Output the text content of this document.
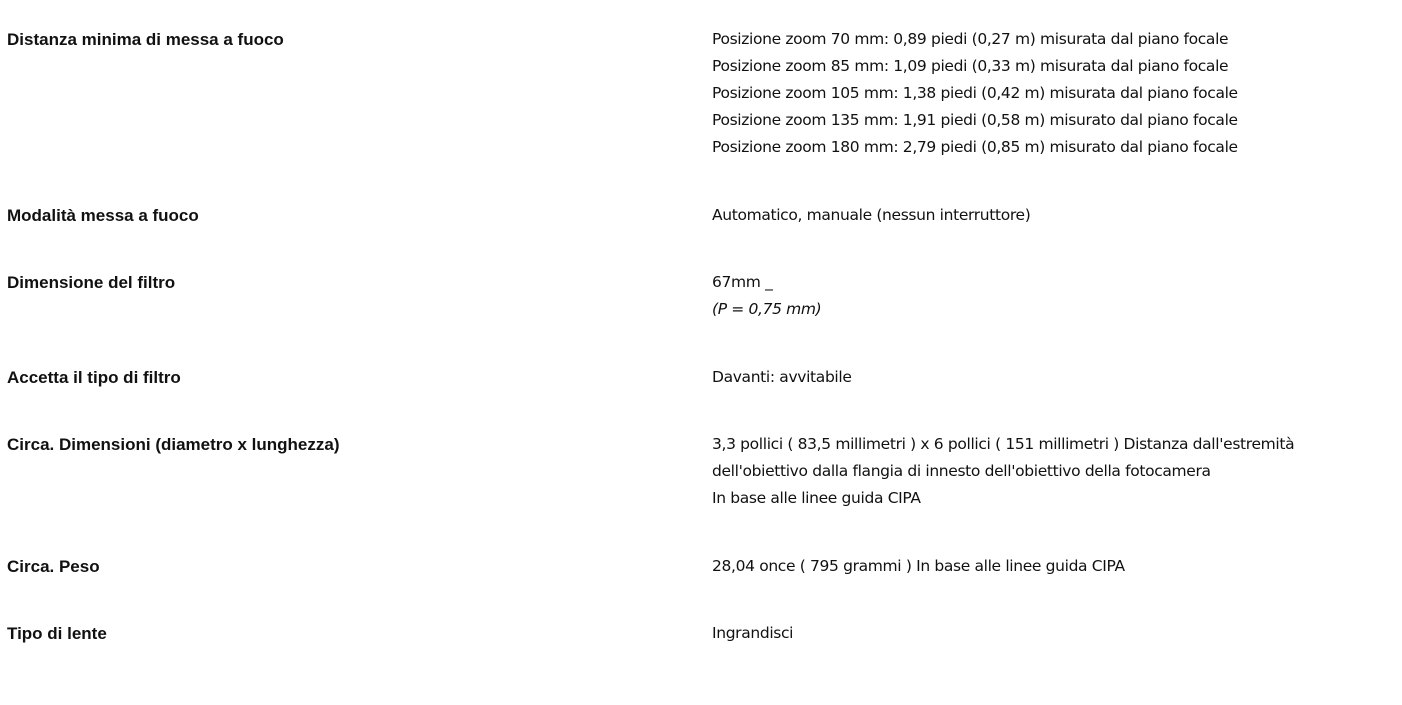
Distanza minima di messa a fuoco	Posizione zoom 70 mm: 0,89 piedi (0,27 m) misurata dal piano focale
Posizione zoom 85 mm: 1,09 piedi (0,33 m) misurata dal piano focale
Posizione zoom 105 mm: 1,38 piedi (0,42 m) misurata dal piano focale
Posizione zoom 135 mm: 1,91 piedi (0,58 m) misurato dal piano focale
Posizione zoom 180 mm: 2,79 piedi (0,85 m) misurato dal piano focale
Modalità messa a fuoco	Automatico, manuale (nessun interruttore)
Dimensione del filtro	67mm _
(P = 0,75 mm)
Accetta il tipo di filtro	Davanti: avvitabile
Circa. Dimensioni (diametro x lunghezza)	3,3 pollici ( 83,5 millimetri ) x 6 pollici ( 151 millimetri ) Distanza dall'estremità
dell'obiettivo dalla flangia di innesto dell'obiettivo della fotocamera
In base alle linee guida CIPA
Circa. Peso	28,04 once ( 795 grammi ) In base alle linee guida CIPA
Tipo di lente	Ingrandisci
